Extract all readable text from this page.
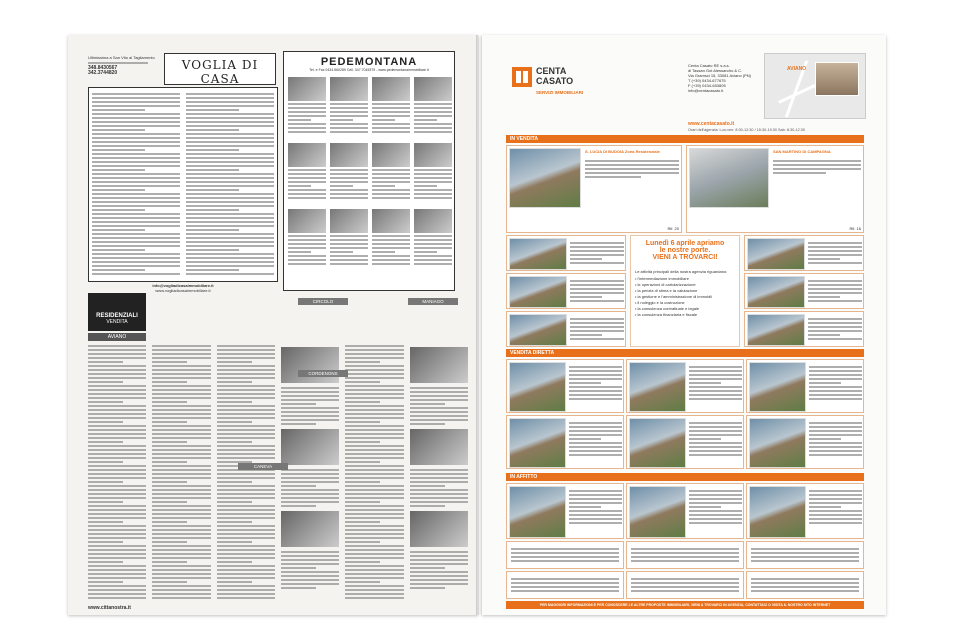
Ultimissima a San Vito al Tagliamento
348.8430567
342.3744820
VOGLIA DI CASA
info@vogliadicasaimmobiliare.it
www.vogliadicasaimmobiliare.it
PEDEMONTANA
Tel. e Fax 0434.560289 Cell. 347.7045379 - www.pedemontanaimmobiliare.it
RESIDENZIALI
VENDITA
AVIANO
CIRCOLO	MANIAGO
CORDENONS
CANEVA
www.cittanostra.it
CENTA
CASATO
SERVIZI IMMOBILIARI
Centa Casato RE s.a.s.
di Tassan Got Alessandro & C.
Via Gramsci 15, 33081 Aviano (PN)
T (+39) 0434-677675
F (+39) 0434-653805
info@centacasato.it
AVIANO
www.centacasato.it
Orari dell'agenzia: Lun-ven: 8:30-12:30 / 15:30-19:30 Sab: 8:30-12:30
IN VENDITA
S. LUCIA DI BUDOIA Zona Residenziale
Rif. 20
SAN MARTINO DI CAMPAGNA
Rif. 16
Lunedì 6 aprile apriamo
le nostre porte.
VIENI A TROVARCI!
Le attività principali della nostra agenzia riguardano:
• l'intermediazione immobiliare
• le operazioni di cartolarizzazione
• la perizia di stima e la valutazione
• la gestione e l'amministrazione di immobili
• il noleggio e la costruzione
• la consulenza contrattuale e legale
• la consulenza finanziaria e fiscale
VENDITA DIRETTA
IN AFFITTO
PER MAGGIORI INFORMAZIONI E PER CONOSCERE LE ALTRE PROPOSTE IMMOBILIARI, VIENI A TROVARCI IN AGENZIA, CONTATTACI O VISITA IL NOSTRO SITO INTERNET
